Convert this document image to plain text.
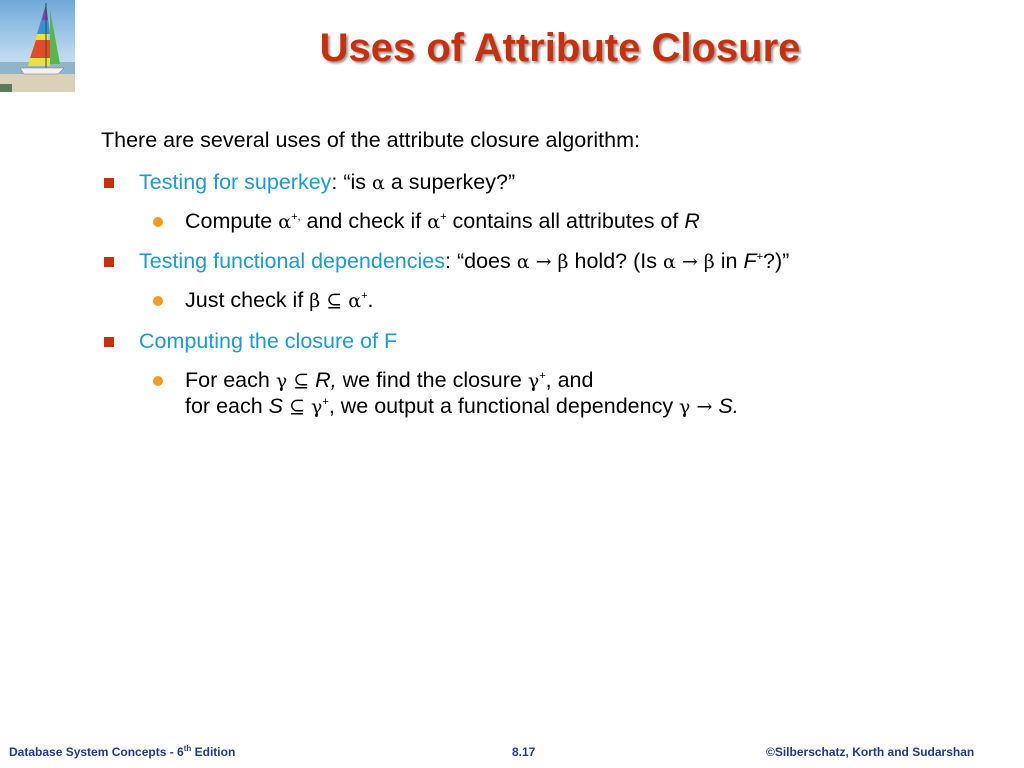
Uses of Attribute Closure
There are several uses of the attribute closure algorithm:
Testing for superkey: “is α a superkey?”
Compute α+, and check if α+ contains all attributes of R
Testing functional dependencies: “does α → β hold? (Is α → β in F+?)”
Just check if β ⊆ α+.
Computing the closure of F
For each γ ⊆ R, we find the closure γ+, and
for each S ⊆ γ+, we output a functional dependency γ → S.
Database System Concepts - 6th Edition	8.17	©Silberschatz, Korth and Sudarshan
